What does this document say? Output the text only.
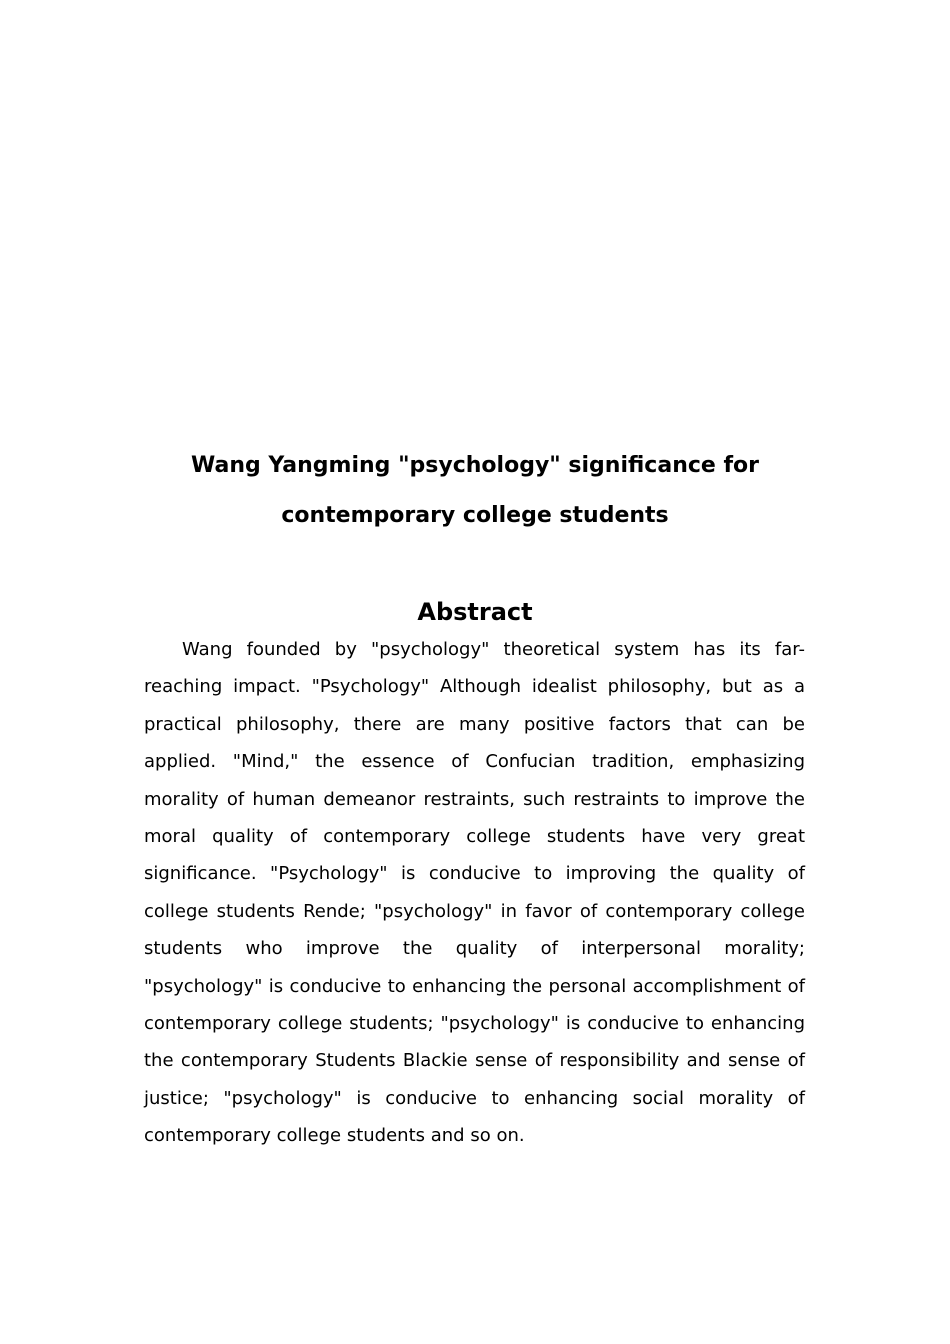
Wang Yangming "psychology" significance for
contemporary college students
Abstract

Wang founded by "psychology" theoretical system has its far-reaching impact. "Psychology" Although idealist philosophy, but as a practical philosophy, there are many positive factors that can be applied. "Mind," the essence of Confucian tradition, emphasizing morality of human demeanor restraints, such restraints to improve the moral quality of contemporary college students have very great significance. "Psychology" is conducive to improving the quality of college students Rende; "psychology" in favor of contemporary college students who improve the quality of interpersonal morality; "psychology" is conducive to enhancing the personal accomplishment of contemporary college students; "psychology" is conducive to enhancing the contemporary Students Blackie sense of responsibility and sense of justice; "psychology" is conducive to enhancing social morality of contemporary college students and so on.
